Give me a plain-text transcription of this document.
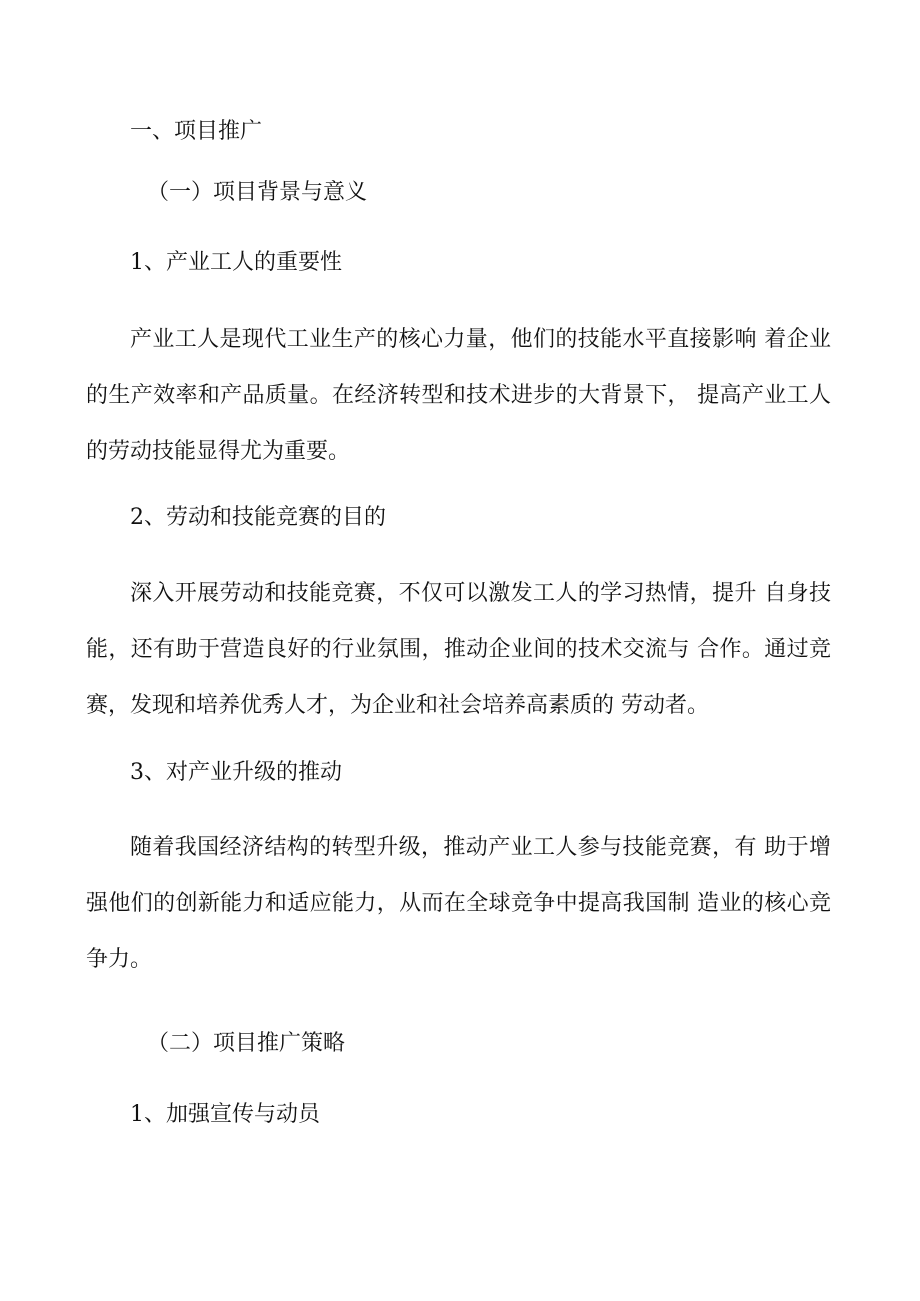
一、项目推广
（一）项目背景与意义
1、产业工人的重要性

产业工人是现代工业生产的核心力量，他们的技能水平直接影响 着企业的生产效率和产品质量。在经济转型和技术进步的大背景下， 提高产业工人的劳动技能显得尤为重要。

2、劳动和技能竞赛的目的

深入开展劳动和技能竞赛，不仅可以激发工人的学习热情，提升 自身技能，还有助于营造良好的行业氛围，推动企业间的技术交流与 合作。通过竞赛，发现和培养优秀人才，为企业和社会培养高素质的 劳动者。

3、对产业升级的推动

随着我国经济结构的转型升级，推动产业工人参与技能竞赛，有 助于增强他们的创新能力和适应能力，从而在全球竞争中提高我国制 造业的核心竞争力。

（二）项目推广策略
1、加强宣传与动员
